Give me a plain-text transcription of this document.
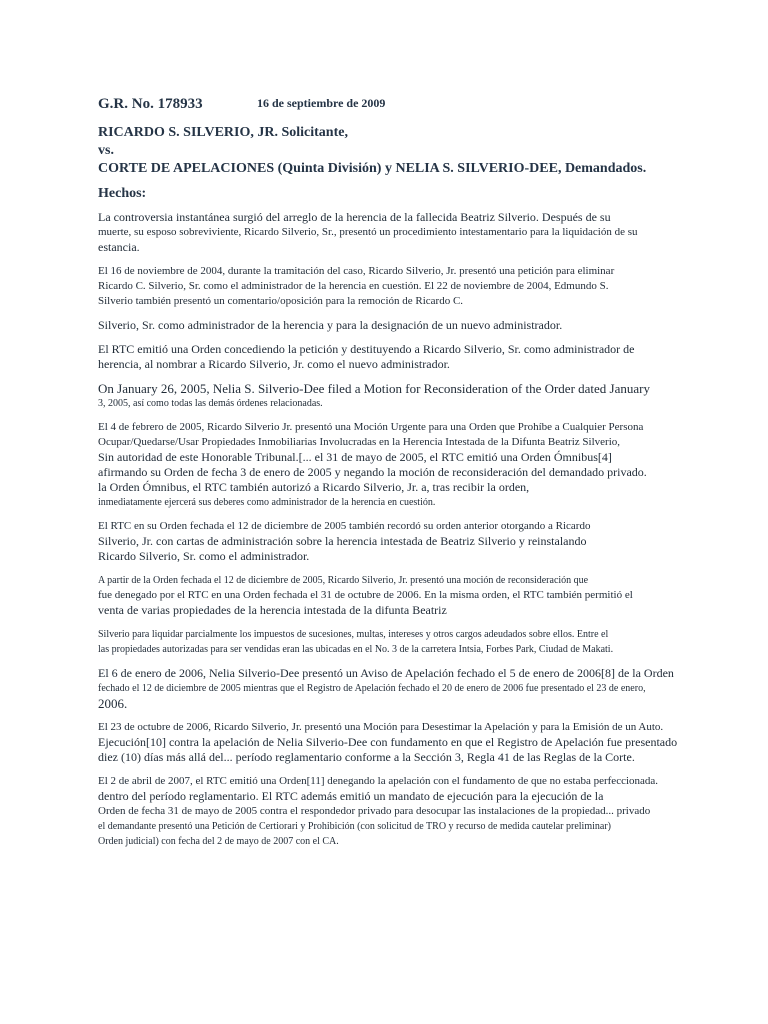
G.R. No. 178933	16 de septiembre de 2009
RICARDO S. SILVERIO, JR. Solicitante,
vs.
CORTE DE APELACIONES (Quinta División) y NELIA S. SILVERIO-DEE, Demandados.
Hechos:
La controversia instantánea surgió del arreglo de la herencia de la fallecida Beatriz Silverio. Después de su
muerte, su esposo sobreviviente, Ricardo Silverio, Sr., presentó un procedimiento intestamentario para la liquidación de su
estancia.
El 16 de noviembre de 2004, durante la tramitación del caso, Ricardo Silverio, Jr. presentó una petición para eliminar
Ricardo C. Silverio, Sr. como el administrador de la herencia en cuestión. El 22 de noviembre de 2004, Edmundo S.
Silverio también presentó un comentario/oposición para la remoción de Ricardo C.
Silverio, Sr. como administrador de la herencia y para la designación de un nuevo administrador.
El RTC emitió una Orden concediendo la petición y destituyendo a Ricardo Silverio, Sr. como administrador de
herencia, al nombrar a Ricardo Silverio, Jr. como el nuevo administrador.
On January 26, 2005, Nelia S. Silverio-Dee filed a Motion for Reconsideration of the Order dated January
3, 2005, así como todas las demás órdenes relacionadas.
El 4 de febrero de 2005, Ricardo Silverio Jr. presentó una Moción Urgente para una Orden que Prohíbe a Cualquier Persona
Ocupar/Quedarse/Usar Propiedades Inmobiliarias Involucradas en la Herencia Intestada de la Difunta Beatriz Silverio,
Sin autoridad de este Honorable Tribunal.[... el 31 de mayo de 2005, el RTC emitió una Orden Ómnibus[4]
afirmando su Orden de fecha 3 de enero de 2005 y negando la moción de reconsideración del demandado privado.
la Orden Ómnibus, el RTC también autorizó a Ricardo Silverio, Jr. a, tras recibir la orden,
inmediatamente ejercerá sus deberes como administrador de la herencia en cuestión.
El RTC en su Orden fechada el 12 de diciembre de 2005 también recordó su orden anterior otorgando a Ricardo
Silverio, Jr. con cartas de administración sobre la herencia intestada de Beatriz Silverio y reinstalando
Ricardo Silverio, Sr. como el administrador.
A partir de la Orden fechada el 12 de diciembre de 2005, Ricardo Silverio, Jr. presentó una moción de reconsideración que
fue denegado por el RTC en una Orden fechada el 31 de octubre de 2006. En la misma orden, el RTC también permitió el
venta de varias propiedades de la herencia intestada de la difunta Beatriz
Silverio para liquidar parcialmente los impuestos de sucesiones, multas, intereses y otros cargos adeudados sobre ellos. Entre el
las propiedades autorizadas para ser vendidas eran las ubicadas en el No. 3 de la carretera Intsia, Forbes Park, Ciudad de Makati.
El 6 de enero de 2006, Nelia Silverio-Dee presentó un Aviso de Apelación fechado el 5 de enero de 2006[8] de la Orden
fechado el 12 de diciembre de 2005 mientras que el Registro de Apelación fechado el 20 de enero de 2006 fue presentado el 23 de enero,
2006.
El 23 de octubre de 2006, Ricardo Silverio, Jr. presentó una Moción para Desestimar la Apelación y para la Emisión de un Auto.
Ejecución[10] contra la apelación de Nelia Silverio-Dee con fundamento en que el Registro de Apelación fue presentado
diez (10) días más allá del... período reglamentario conforme a la Sección 3, Regla 41 de las Reglas de la Corte.
El 2 de abril de 2007, el RTC emitió una Orden[11] denegando la apelación con el fundamento de que no estaba perfeccionada.
dentro del período reglamentario. El RTC además emitió un mandato de ejecución para la ejecución de la
Orden de fecha 31 de mayo de 2005 contra el respondedor privado para desocupar las instalaciones de la propiedad... privado
el demandante presentó una Petición de Certiorari y Prohibición (con solicitud de TRO y recurso de medida cautelar preliminar)
Orden judicial) con fecha del 2 de mayo de 2007 con el CA.
